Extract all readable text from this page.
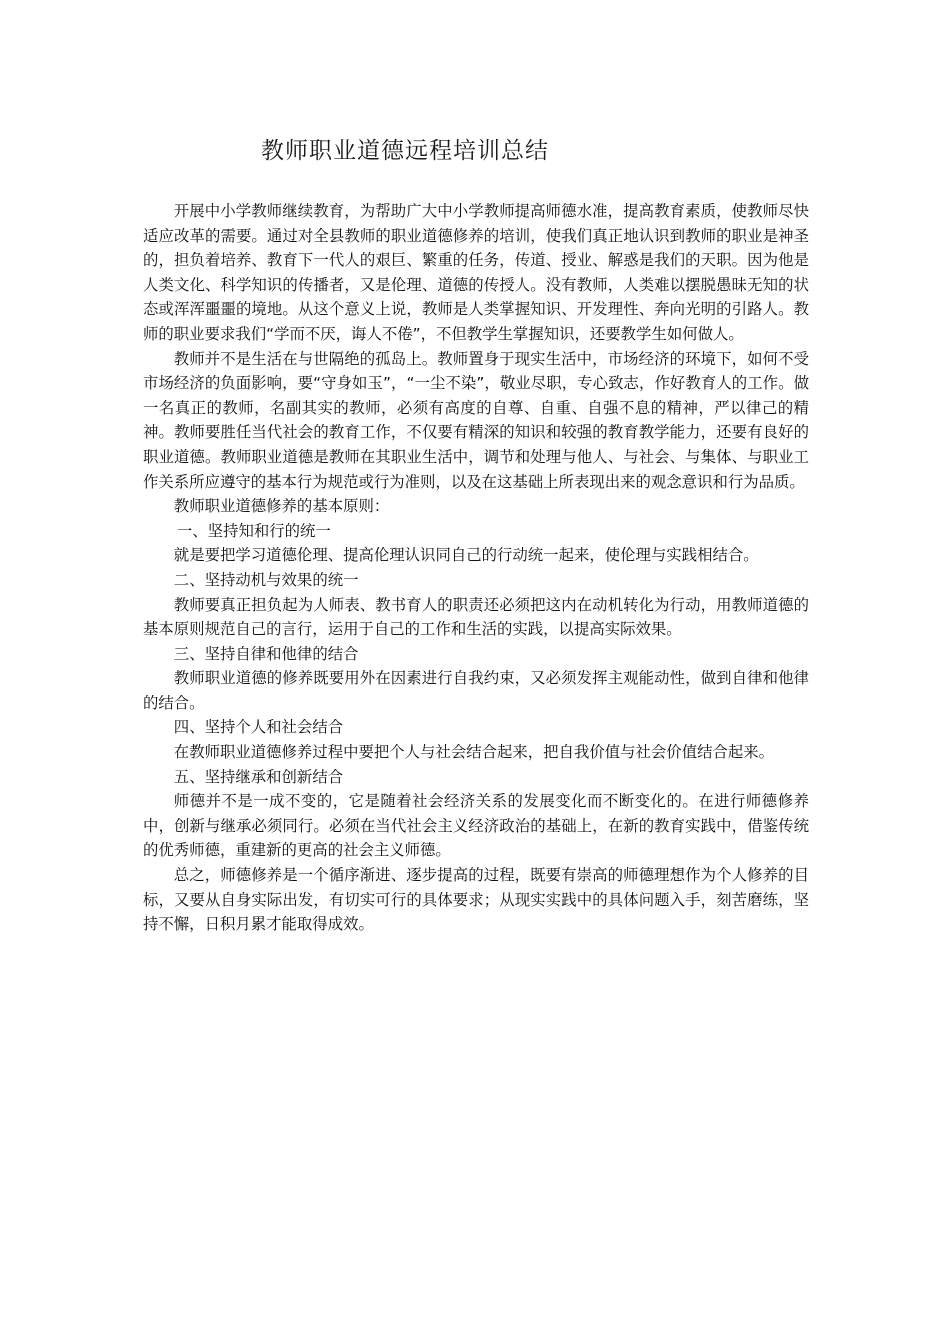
教师职业道德远程培训总结

开展中小学教师继续教育，为帮助广大中小学教师提高师德水准，提高教育素质，使教师尽快适应改革的需要。通过对全县教师的职业道德修养的培训，使我们真正地认识到教师的职业是神圣的，担负着培养、教育下一代人的艰巨、繁重的任务，传道、授业、解惑是我们的天职。因为他是人类文化、科学知识的传播者，又是伦理、道德的传授人。没有教师，人类难以摆脱愚昧无知的状态或浑浑噩噩的境地。从这个意义上说，教师是人类掌握知识、开发理性、奔向光明的引路人。教师的职业要求我们“学而不厌，诲人不倦”，不但教学生掌握知识，还要教学生如何做人。

教师并不是生活在与世隔绝的孤岛上。教师置身于现实生活中，市场经济的环境下，如何不受市场经济的负面影响，要“守身如玉”，“一尘不染”，敬业尽职，专心致志，作好教育人的工作。做一名真正的教师，名副其实的教师，必须有高度的自尊、自重、自强不息的精神，严以律己的精神。教师要胜任当代社会的教育工作，不仅要有精深的知识和较强的教育教学能力，还要有良好的职业道德。教师职业道德是教师在其职业生活中，调节和处理与他人、与社会、与集体、与职业工作关系所应遵守的基本行为规范或行为准则，以及在这基础上所表现出来的观念意识和行为品质。

教师职业道德修养的基本原则：

一、坚持知和行的统一

就是要把学习道德伦理、提高伦理认识同自己的行动统一起来，使伦理与实践相结合。

二、坚持动机与效果的统一

教师要真正担负起为人师表、教书育人的职责还必须把这内在动机转化为行动，用教师道德的基本原则规范自己的言行，运用于自己的工作和生活的实践，以提高实际效果。

三、坚持自律和他律的结合

教师职业道德的修养既要用外在因素进行自我约束，又必须发挥主观能动性，做到自律和他律的结合。

四、坚持个人和社会结合

在教师职业道德修养过程中要把个人与社会结合起来，把自我价值与社会价值结合起来。

五、坚持继承和创新结合

师德并不是一成不变的，它是随着社会经济关系的发展变化而不断变化的。在进行师德修养中，创新与继承必须同行。必须在当代社会主义经济政治的基础上，在新的教育实践中，借鉴传统的优秀师德，重建新的更高的社会主义师德。

总之，师德修养是一个循序渐进、逐步提高的过程，既要有崇高的师德理想作为个人修养的目标，又要从自身实际出发，有切实可行的具体要求；从现实实践中的具体问题入手，刻苦磨练，坚持不懈，日积月累才能取得成效。
